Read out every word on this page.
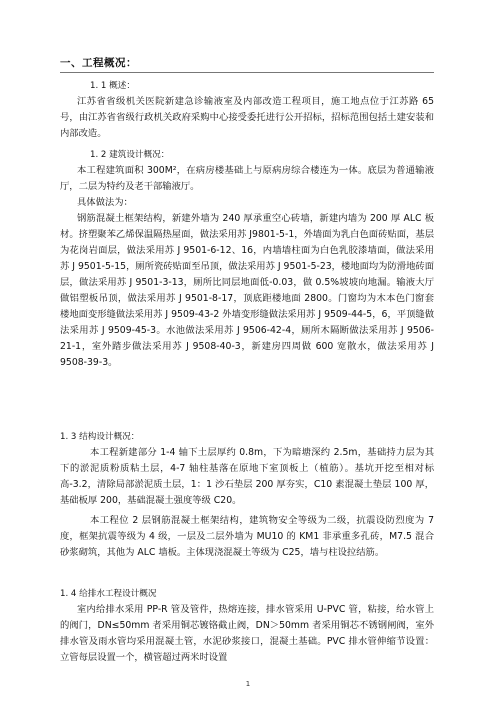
一、工程概况：
1. 1 概述：
江苏省省级机关医院新建急诊输液室及内部改造工程项目，施工地点位于江苏路 65 号，由江苏省省级行政机关政府采购中心接受委托进行公开招标，招标范围包括土建安装和内部改造。
1. 2 建筑设计概况：
本工程建筑面积 300M²，在病房楼基础上与原病房综合楼连为一体。底层为普通输液厅，二层为特约及老干部输液厅。
具体做法为：
钢筋混凝土框架结构，新建外墙为 240 厚承重空心砖墙，新建内墙为 200 厚 ALC 板材。挤塑聚苯乙烯保温隔热屋面，做法采用苏 J9801-5-1，外墙面为乳白色面砖贴面，基层为花岗岩面层，做法采用苏 J 9501-6-12、16，内墙墙柱面为白色乳胶漆墙面，做法采用苏 J 9501-5-15，厕所瓷砖贴面至吊顶，做法采用苏 J 9501-5-23，楼地面均为防滑地砖面层，做法采用苏 J 9501-3-13，厕所比同层地面低-0.03，做 0.5%坡坡向地漏。输液大厅做铝塑板吊顶，做法采用苏 J 9501-8-17，顶底距楼地面 2800。门窗均为木本色门窗套 楼地面变形缝做法采用苏 J 9509-43-2 外墙变形缝做法采用苏 J 9509-44-5，6，平顶缝做法采用苏 J 9509-45-3。水池做法采用苏 J 9506-42-4，厕所木隔断做法采用苏 J 9506-21-1，室外踏步做法采用苏 J 9508-40-3，新建房四周做 600 宽散水，做法采用苏 J 9508-39-3。
1. 3 结构设计概况：
本工程新建部分 1-4 轴下土层厚约 0.8m，下为暗塘深约 2.5m，基础持力层为其下的淤泥质粉质粘土层，4-7 轴柱基落在原地下室顶板上（植筋）。基坑开挖至相对标高-3.2，清除局部淤泥质土层，1：1 沙石垫层 200 厚夯实，C10 素混凝土垫层 100 厚，基础板厚 200，基础混凝土强度等级 C20。
本工程位 2 层钢筋混凝土框架结构，建筑物安全等级为二级，抗震设防烈度为 7 度，框架抗震等级为 4 级，一层及二层外墙为 MU10 的 KM1 非承重多孔砖，M7.5 混合砂浆砌筑，其他为 ALC 墙板。主体现浇混凝土等级为 C25，墙与柱设拉结筋。
1. 4 给排水工程设计概况
室内给排水采用 PP-R 管及管件，热熔连接，排水管采用 U-PVC 管，粘接，给水管上的阀门，DN≤50mm 者采用铜芯镀铬截止阀，DN＞50mm 者采用铜芯不锈钢闸阀，室外排水管及雨水管均采用混凝土管，水泥砂浆接口，混凝土基础。PVC 排水管伸缩节设置：立管每层设置一个，横管超过两米时设置
1
